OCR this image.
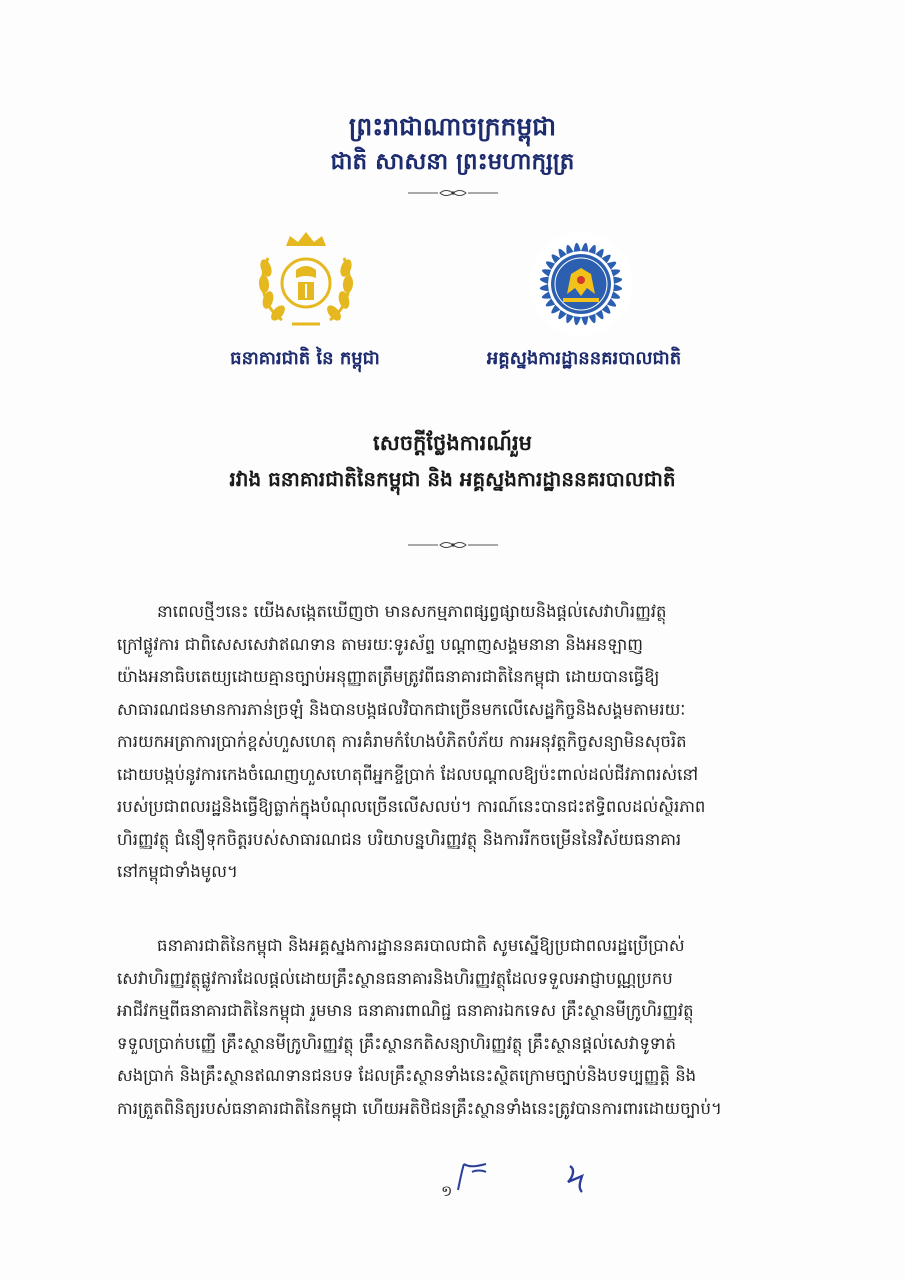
ព្រះរាជាណាចក្រកម្ពុជា
ជាតិ សាសនា ព្រះមហាក្សត្រ
ធនាគារជាតិ នៃ កម្ពុជា	អគ្គស្នងការដ្ឋាននគរបាលជាតិ
សេចក្តីថ្លែងការណ៍រួម
រវាង ធនាគារជាតិនៃកម្ពុជា និង អគ្គស្នងការដ្ឋាននគរបាលជាតិ
នាពេលថ្មីៗនេះ យើងសង្កេតឃើញថា មានសកម្មភាពផ្សព្វផ្សាយនិងផ្តល់សេវាហិរញ្ញវត្ថុ
ក្រៅផ្លូវការ ជាពិសេសសេវាឥណទាន តាមរយៈទូរស័ព្ទ បណ្តាញសង្គមនានា និងអនឡាញ
យ៉ាងអនាធិបតេយ្យដោយគ្មានច្បាប់អនុញ្ញាតត្រឹមត្រូវពីធនាគារជាតិនៃកម្ពុជា ដោយបានធ្វើឱ្យ
សាធារណជនមានការភាន់ច្រឡំ និងបានបង្កផលវិបាកជាច្រើនមកលើសេដ្ឋកិច្ចនិងសង្គមតាមរយៈ
ការយកអត្រាការប្រាក់ខ្ពស់ហួសហេតុ ការគំរាមកំហែងបំភិតបំភ័យ ការអនុវត្តកិច្ចសន្យាមិនសុចរិត
ដោយបង្កប់នូវការកេងចំណេញហួសហេតុពីអ្នកខ្ចីប្រាក់ ដែលបណ្តាលឱ្យប៉ះពាល់ដល់ជីវភាពរស់នៅ
របស់ប្រជាពលរដ្ឋនិងធ្វើឱ្យធ្លាក់ក្នុងបំណុលច្រើនលើសលប់។ ការណ៍នេះបានជះឥទ្ធិពលដល់ស្ថិរភាព
ហិរញ្ញវត្ថុ ជំនឿទុកចិត្តរបស់សាធារណជន បរិយាបន្នហិរញ្ញវត្ថុ និងការរីកចម្រើននៃវិស័យធនាគារ
នៅកម្ពុជាទាំងមូល។
ធនាគារជាតិនៃកម្ពុជា និងអគ្គស្នងការដ្ឋាននគរបាលជាតិ សូមស្នើឱ្យប្រជាពលរដ្ឋប្រើប្រាស់
សេវាហិរញ្ញវត្ថុផ្លូវការដែលផ្តល់ដោយគ្រឹះស្ថានធនាគារនិងហិរញ្ញវត្ថុដែលទទួលអាជ្ញាបណ្ណប្រកប
អាជីវកម្មពីធនាគារជាតិនៃកម្ពុជា រួមមាន ធនាគារពាណិជ្ជ ធនាគារឯកទេស គ្រឹះស្ថានមីក្រូហិរញ្ញវត្ថុ
ទទួលប្រាក់បញ្ញើ គ្រឹះស្ថានមីក្រូហិរញ្ញវត្ថុ គ្រឹះស្ថានកតិសន្យាហិរញ្ញវត្ថុ គ្រឹះស្ថានផ្តល់សេវាទូទាត់
សងប្រាក់ និងគ្រឹះស្ថានឥណទានជនបទ ដែលគ្រឹះស្ថានទាំងនេះស្ថិតក្រោមច្បាប់និងបទប្បញ្ញត្តិ និង
ការត្រួតពិនិត្យរបស់ធនាគារជាតិនៃកម្ពុជា ហើយអតិថិជនគ្រឹះស្ថានទាំងនេះត្រូវបានការពារដោយច្បាប់។
១
